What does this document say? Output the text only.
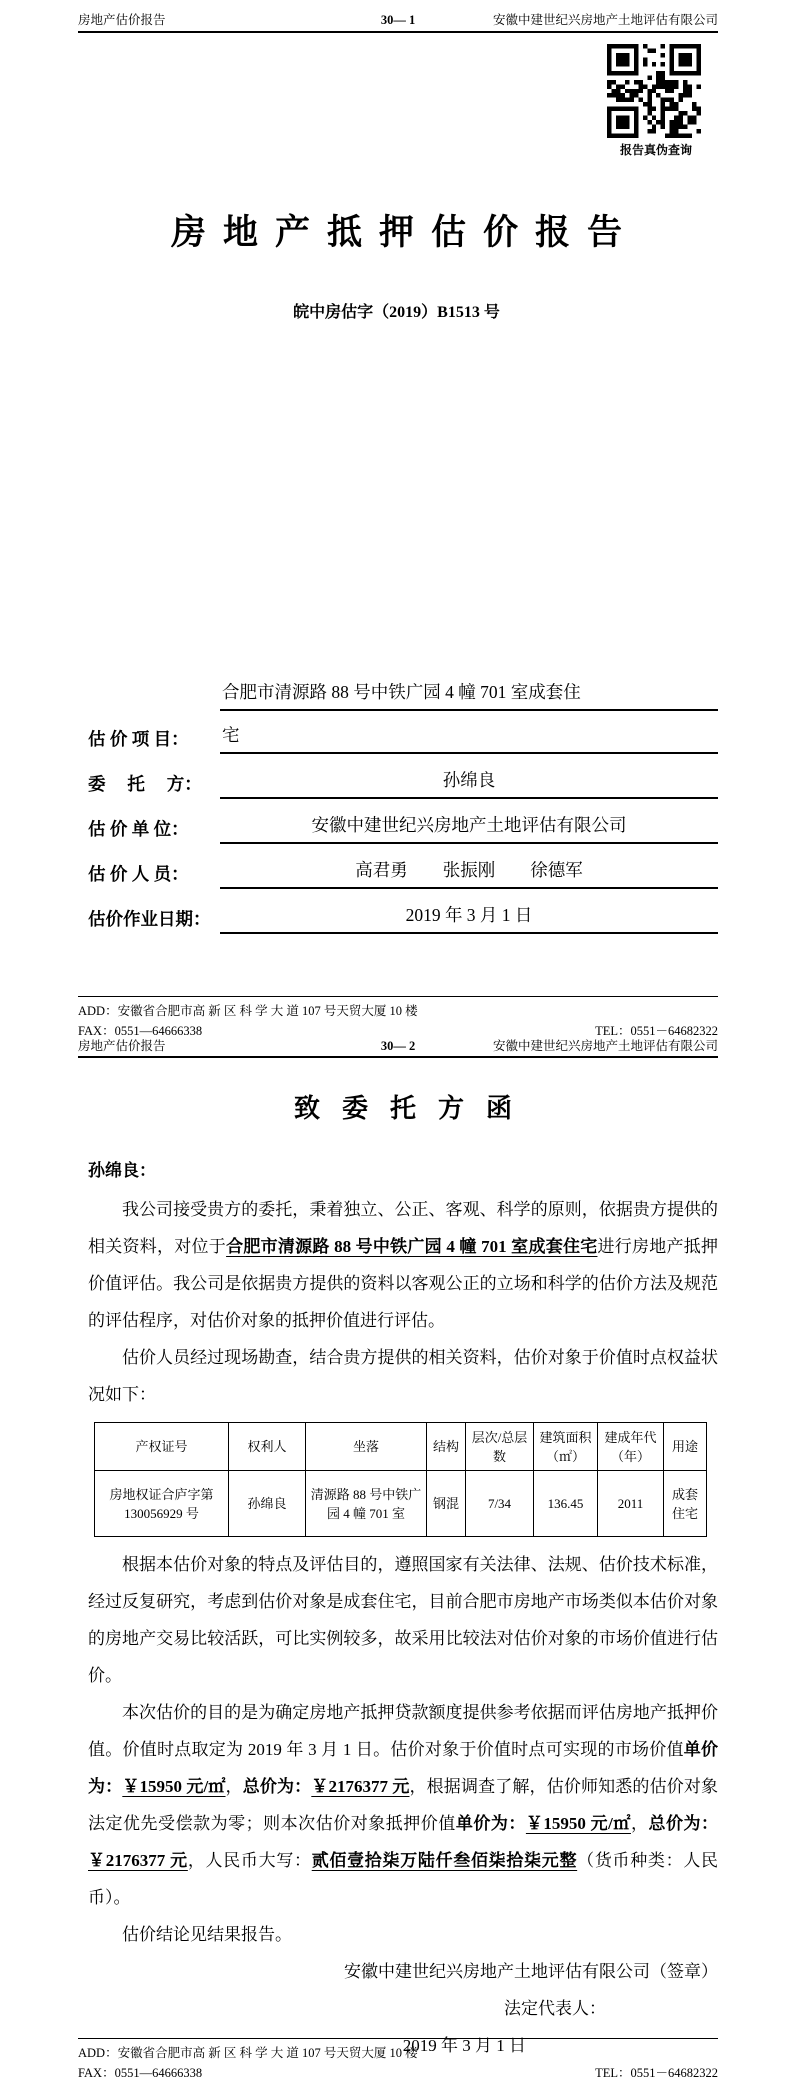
房地产估价报告	30— 1	安徽中建世纪兴房地产土地评估有限公司
报告真伪查询
房地产抵押估价报告
皖中房估字（2019）B1513 号
估 价 项 目：
合肥市清源路 88 号中铁广园 4 幢 701 室成套住
宅
委　 托　 方：	孙绵良
估 价 单 位：	安徽中建世纪兴房地产土地评估有限公司
估 价 人 员：	高君勇　　张振刚　　徐德军
估价作业日期：	2019 年 3 月 1 日
ADD：安徽省合肥市高 新 区 科 学 大 道 107 号天贸大厦 10 楼
FAX：0551—64666338	TEL：0551－64682322
房地产估价报告	30— 2	安徽中建世纪兴房地产土地评估有限公司
致委托方函
孙绵良：
我公司接受贵方的委托，秉着独立、公正、客观、科学的原则，依据贵方提供的相关资料，对位于合肥市清源路 88 号中铁广园 4 幢 701 室成套住宅进行房地产抵押价值评估。我公司是依据贵方提供的资料以客观公正的立场和科学的估价方法及规范的评估程序，对估价对象的抵押价值进行评估。
估价人员经过现场勘查，结合贵方提供的相关资料，估价对象于价值时点权益状况如下：
产权证号	权利人	坐落	结构	层次/总层数	建筑面积（㎡）	建成年代（年）	用途
房地权证合庐字第 130056929 号	孙绵良	清源路 88 号中铁广园 4 幢 701 室	钢混	7/34	136.45	2011	成套住宅
根据本估价对象的特点及评估目的，遵照国家有关法律、法规、估价技术标准，经过反复研究，考虑到估价对象是成套住宅，目前合肥市房地产市场类似本估价对象的房地产交易比较活跃，可比实例较多，故采用比较法对估价对象的市场价值进行估价。
本次估价的目的是为确定房地产抵押贷款额度提供参考依据而评估房地产抵押价值。价值时点取定为 2019 年 3 月 1 日。估价对象于价值时点可实现的市场价值单价为：￥15950 元/㎡，总价为：￥2176377 元，根据调查了解，估价师知悉的估价对象法定优先受偿款为零；则本次估价对象抵押价值单价为：￥15950 元/㎡，总价为：￥2176377 元，人民币大写：贰佰壹拾柒万陆仟叁佰柒拾柒元整（货币种类：人民币）。
估价结论见结果报告。
安徽中建世纪兴房地产土地评估有限公司（签章）
法定代表人：
2019 年 3 月 1 日
ADD：安徽省合肥市高 新 区 科 学 大 道 107 号天贸大厦 10 楼
FAX：0551—64666338	TEL：0551－64682322
